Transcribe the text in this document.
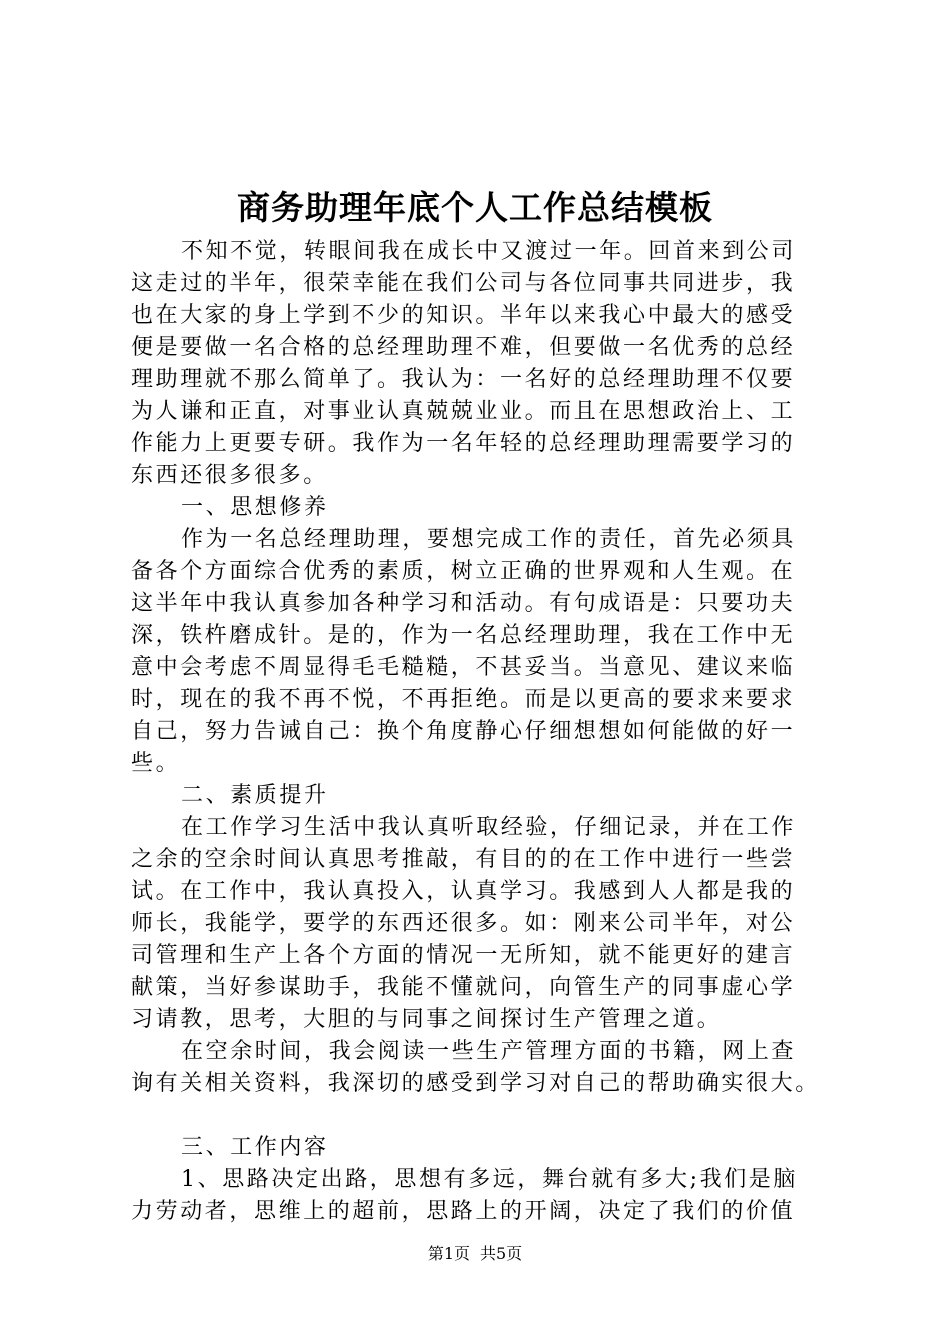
商务助理年底个人工作总结模板
不知不觉，转眼间我在成长中又渡过一年。回首来到公司
这走过的半年，很荣幸能在我们公司与各位同事共同进步，我
也在大家的身上学到不少的知识。半年以来我心中最大的感受
便是要做一名合格的总经理助理不难，但要做一名优秀的总经
理助理就不那么简单了。我认为：一名好的总经理助理不仅要
为人谦和正直，对事业认真兢兢业业。而且在思想政治上、工
作能力上更要专研。我作为一名年轻的总经理助理需要学习的
东西还很多很多。
一、思想修养
作为一名总经理助理，要想完成工作的责任，首先必须具
备各个方面综合优秀的素质，树立正确的世界观和人生观。在
这半年中我认真参加各种学习和活动。有句成语是：只要功夫
深，铁杵磨成针。是的，作为一名总经理助理，我在工作中无
意中会考虑不周显得毛毛糙糙，不甚妥当。当意见、建议来临
时，现在的我不再不悦，不再拒绝。而是以更高的要求来要求
自己，努力告诫自己：换个角度静心仔细想想如何能做的好一
些。
二、素质提升
在工作学习生活中我认真听取经验，仔细记录，并在工作
之余的空余时间认真思考推敲，有目的的在工作中进行一些尝
试。在工作中，我认真投入，认真学习。我感到人人都是我的
师长，我能学，要学的东西还很多。如：刚来公司半年，对公
司管理和生产上各个方面的情况一无所知，就不能更好的建言
献策，当好参谋助手，我能不懂就问，向管生产的同事虚心学
习请教，思考，大胆的与同事之间探讨生产管理之道。
在空余时间，我会阅读一些生产管理方面的书籍，网上查
询有关相关资料，我深切的感受到学习对自己的帮助确实很大。
三、工作内容
1、思路决定出路，思想有多远，舞台就有多大;我们是脑
力劳动者，思维上的超前，思路上的开阔，决定了我们的价值
第1页 共5页
